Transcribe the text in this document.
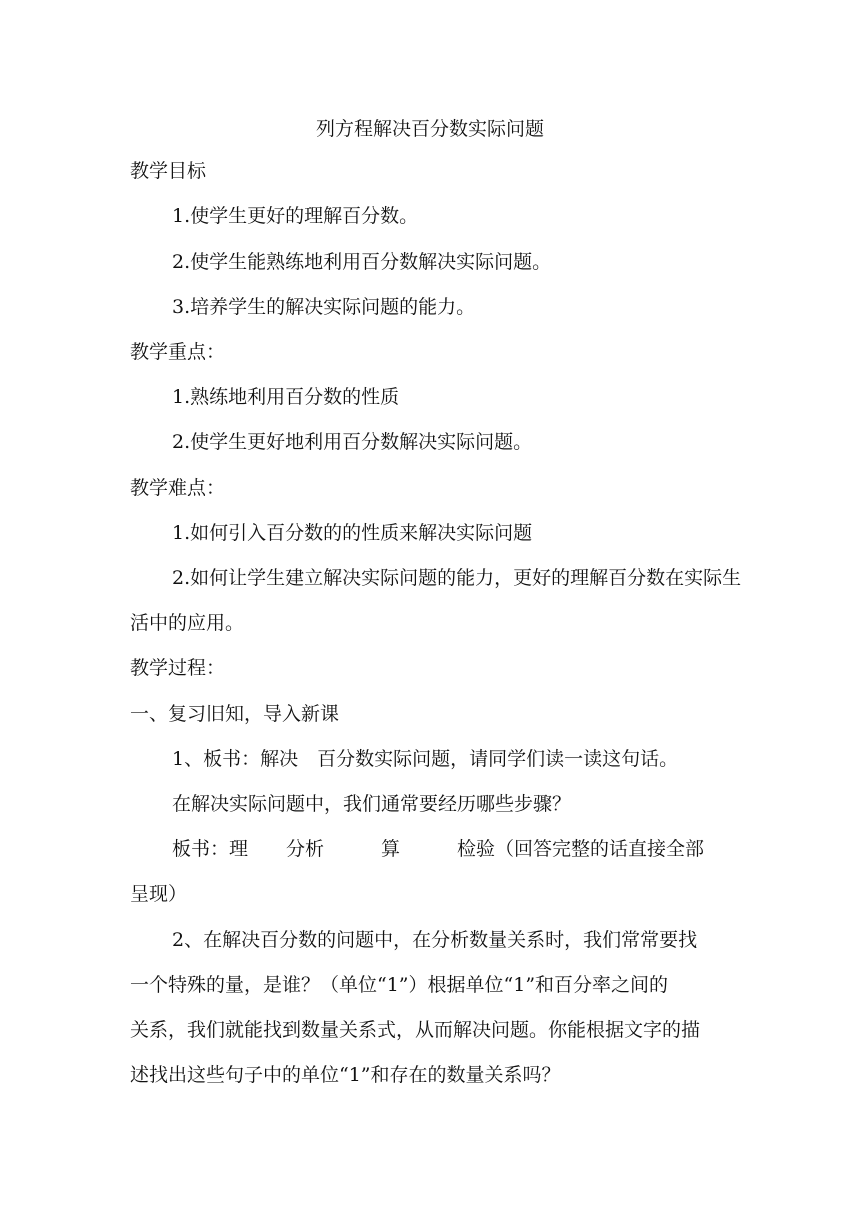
列方程解决百分数实际问题
教学目标
1.使学生更好的理解百分数。
2.使学生能熟练地利用百分数解决实际问题。
3.培养学生的解决实际问题的能力。
教学重点：
1.熟练地利用百分数的性质
2.使学生更好地利用百分数解决实际问题。
教学难点：
1.如何引入百分数的的性质来解决实际问题
2.如何让学生建立解决实际问题的能力，更好的理解百分数在实际生
活中的应用。
教学过程：
一、复习旧知，导入新课
1、板书：解决　百分数实际问题，请同学们读一读这句话。
在解决实际问题中，我们通常要经历哪些步骤？
板书：理　　分析　　　算　　　检验（回答完整的话直接全部
呈现）
2、在解决百分数的问题中，在分析数量关系时，我们常常要找
一个特殊的量，是谁？（单位“1”）根据单位“1”和百分率之间的
关系，我们就能找到数量关系式，从而解决问题。你能根据文字的描
述找出这些句子中的单位“1”和存在的数量关系吗？
